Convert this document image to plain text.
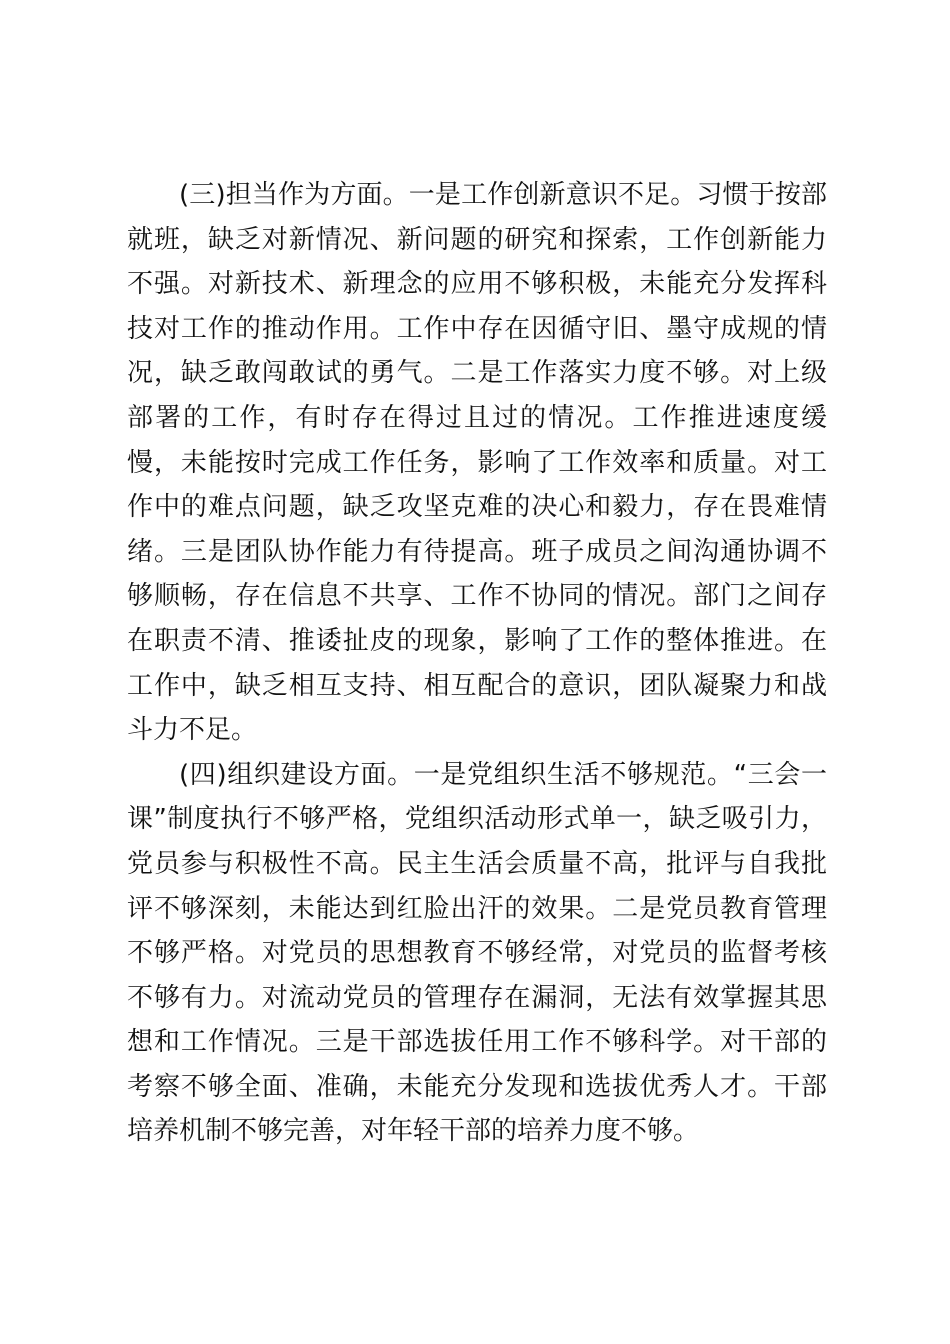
(三)担当作为方面。一是工作创新意识不足。习惯于按部就班，缺乏对新情况、新问题的研究和探索，工作创新能力不强。对新技术、新理念的应用不够积极，未能充分发挥科技对工作的推动作用。工作中存在因循守旧、墨守成规的情况，缺乏敢闯敢试的勇气。二是工作落实力度不够。对上级部署的工作，有时存在得过且过的情况。工作推进速度缓慢，未能按时完成工作任务，影响了工作效率和质量。对工作中的难点问题，缺乏攻坚克难的决心和毅力，存在畏难情绪。三是团队协作能力有待提高。班子成员之间沟通协调不够顺畅，存在信息不共享、工作不协同的情况。部门之间存在职责不清、推诿扯皮的现象，影响了工作的整体推进。在工作中，缺乏相互支持、相互配合的意识，团队凝聚力和战斗力不足。

(四)组织建设方面。一是党组织生活不够规范。“三会一课”制度执行不够严格，党组织活动形式单一，缺乏吸引力，党员参与积极性不高。民主生活会质量不高，批评与自我批评不够深刻，未能达到红脸出汗的效果。二是党员教育管理不够严格。对党员的思想教育不够经常，对党员的监督考核不够有力。对流动党员的管理存在漏洞，无法有效掌握其思想和工作情况。三是干部选拔任用工作不够科学。对干部的考察不够全面、准确，未能充分发现和选拔优秀人才。干部培养机制不够完善，对年轻干部的培养力度不够。
